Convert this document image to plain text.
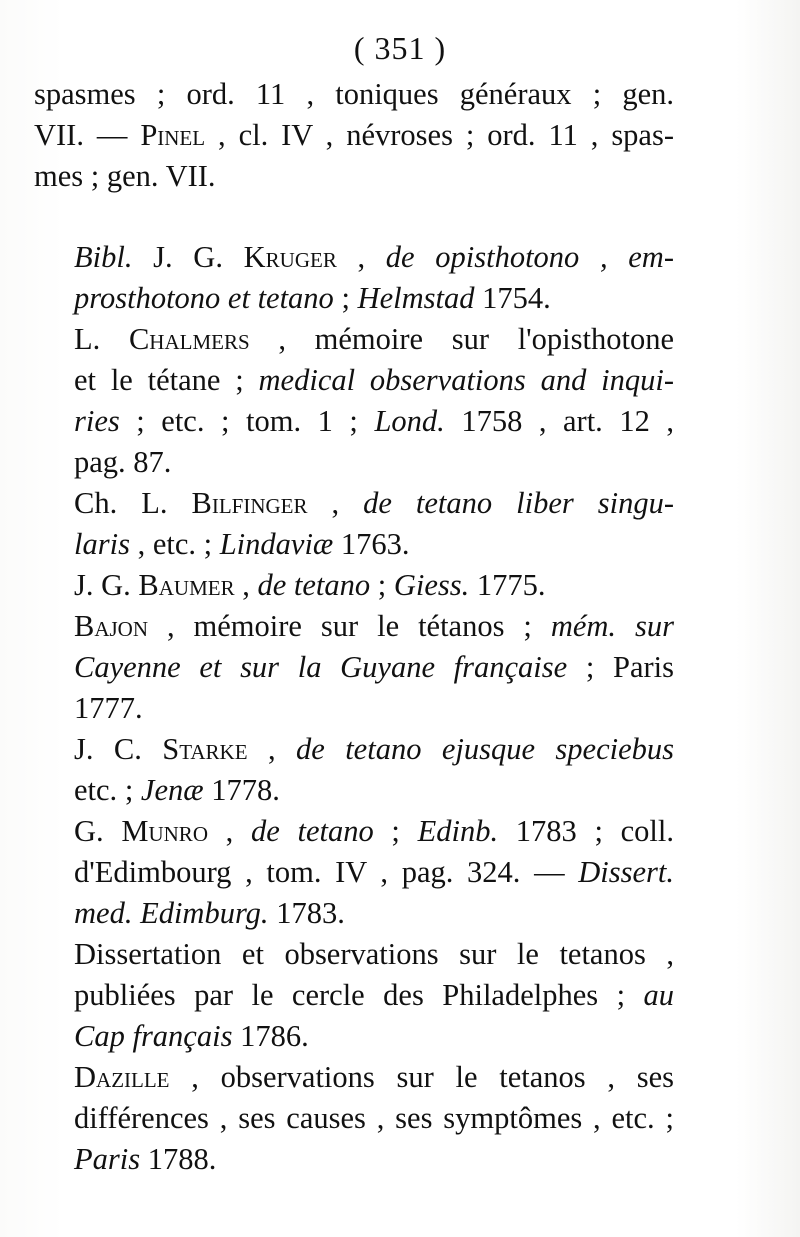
( 351 )

spasmes ; ord. 11 , toniques généraux ; gen.
VII. — Pinel , cl. IV , névroses ; ord. 11 , spas-
mes ; gen. VII.

Bibl. J. G. Kruger , de opisthotono , em-
prosthotono et tetano ; Helmstad 1754.

L. Chalmers , mémoire sur l'opisthotone
et le tétane ; medical observations and inqui-
ries ; etc. ; tom. 1 ; Lond. 1758 , art. 12 ,
pag. 87.

Ch. L. Bilfinger , de tetano liber singu-
laris , etc. ; Lindaviæ 1763.

J. G. Baumer , de tetano ; Giess. 1775.

Bajon , mémoire sur le tétanos ; mém. sur
Cayenne et sur la Guyane française ; Paris
1777.

J. C. Starke , de tetano ejusque speciebus
etc. ; Jenæ 1778.

G. Munro , de tetano ; Edinb. 1783 ; coll.
d'Edimbourg , tom. IV , pag. 324. — Dissert.
med. Edimburg. 1783.

Dissertation et observations sur le tetanos ,
publiées par le cercle des Philadelphes ; au
Cap français 1786.

Dazille , observations sur le tetanos , ses
différences , ses causes , ses symptômes , etc. ;
Paris 1788.
